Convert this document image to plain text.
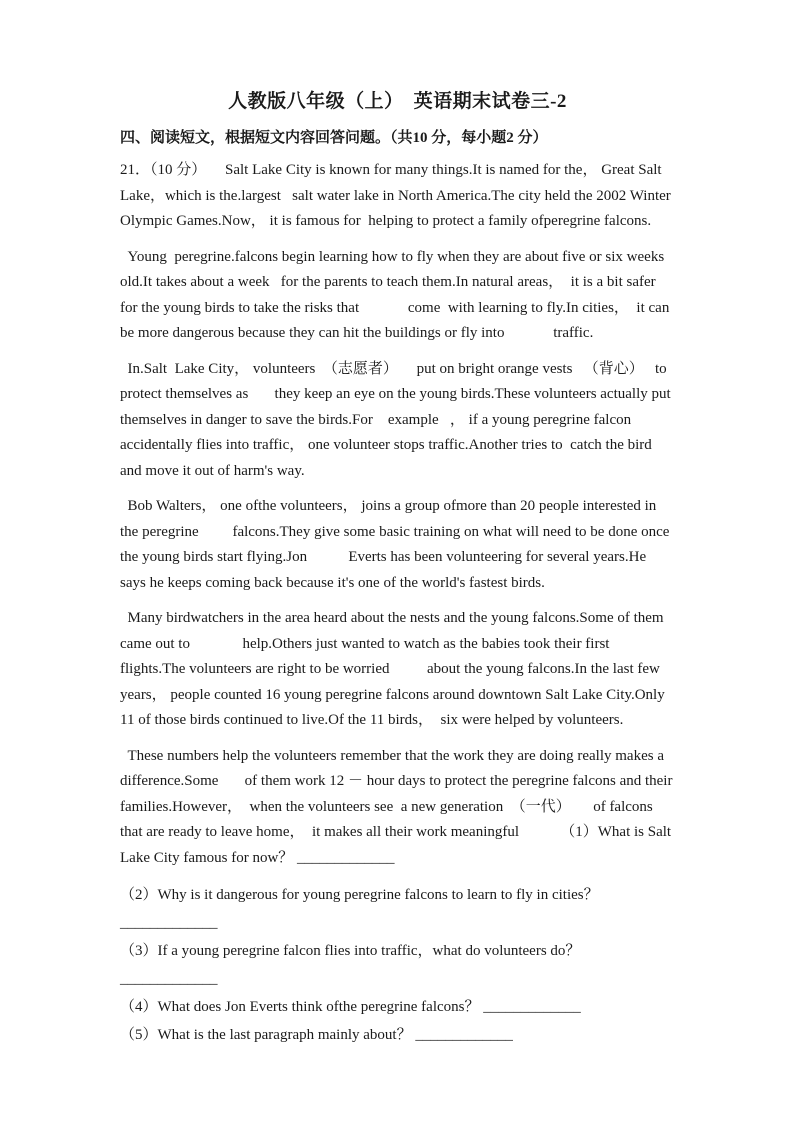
人教版八年级（上）　英语期末试卷三-2
四、阅读短文，根据短文内容回答问题。（共10 分，每小题2 分）

21．（10 分）     Salt Lake City is known for many things.It is named for the， Great Salt Lake，which is the.largest   salt water lake in North America.The city held the 2002 Winter Olympic Games.Now， it is famous for  helping to protect a family ofperegrine falcons.

Young  peregrine.falcons begin learning how to fly when they are about five or six weeks old.It takes about a week   for the parents to teach them.In natural areas，  it is a bit safer for the young birds to take the risks that             come  with learning to fly.In cities，  it can be more dangerous because they can hit the buildings or fly into             traffic.

In.Salt  Lake City， volunteers  （志愿者）     put on bright orange vests   （背心）   to protect themselves as       they keep an eye on the young birds.These volunteers actually put themselves in danger to save the birds.For    example   ， if a young peregrine falcon accidentally flies into traffic， one volunteer stops traffic.Another tries to  catch the bird and move it out of harm's way.

Bob Walters， one ofthe volunteers， joins a group ofmore than 20 people interested in the peregrine         falcons.They give some basic training on what will need to be done once the young birds start flying.Jon           Everts has been volunteering for several years.He says he keeps coming back because it's one of the world's fastest birds.

Many birdwatchers in the area heard about the nests and the young falcons.Some of them came out to              help.Others just wanted to watch as the babies took their first flights.The volunteers are right to be worried          about the young falcons.In the last few years， people counted 16 young peregrine falcons around downtown Salt Lake City.Only 11 of those birds continued to live.Of the 11 birds，  six were helped by volunteers.

These numbers help the volunteers remember that the work they are doing really makes a difference.Some       of them work 12 － hour days to protect the peregrine falcons and their families.However，  when the volunteers see  a new generation  （一代）      of falcons that are ready to leave home，  it makes all their work meaningful           （1）What is Salt Lake City famous for now？ _____________

（2）Why is it dangerous for young peregrine falcons to learn to fly in cities？ _____________
（3）If a young peregrine falcon flies into traffic，what do volunteers do？ _____________
（4）What does Jon Everts think ofthe peregrine falcons？ _____________
（5）What is the last paragraph mainly about？ _____________
